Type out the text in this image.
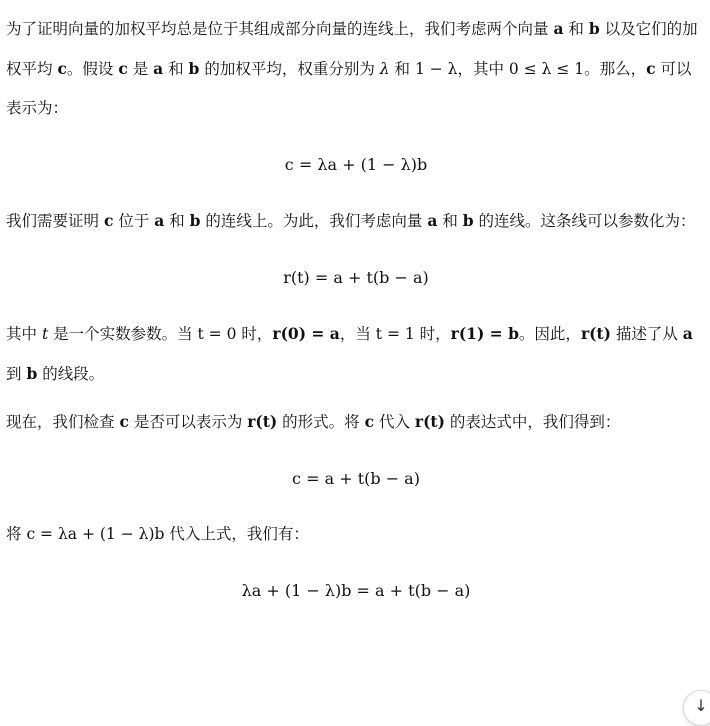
为了证明向量的加权平均总是位于其组成部分向量的连线上，我们考虑两个向量 a 和 b 以及它们的加权平均 c。假设 c 是 a 和 b 的加权平均，权重分别为 λ 和 1 − λ，其中 0 ≤ λ ≤ 1。那么，c 可以表示为：

c = λa + (1 − λ)b

我们需要证明 c 位于 a 和 b 的连线上。为此，我们考虑向量 a 和 b 的连线。这条线可以参数化为：

r(t) = a + t(b − a)

其中 t 是一个实数参数。当 t = 0 时，r(0) = a，当 t = 1 时，r(1) = b。因此，r(t) 描述了从 a 到 b 的线段。

现在，我们检查 c 是否可以表示为 r(t) 的形式。将 c 代入 r(t) 的表达式中，我们得到：

c = a + t(b − a)

将 c = λa + (1 − λ)b 代入上式，我们有：

λa + (1 − λ)b = a + t(b − a)
↓
